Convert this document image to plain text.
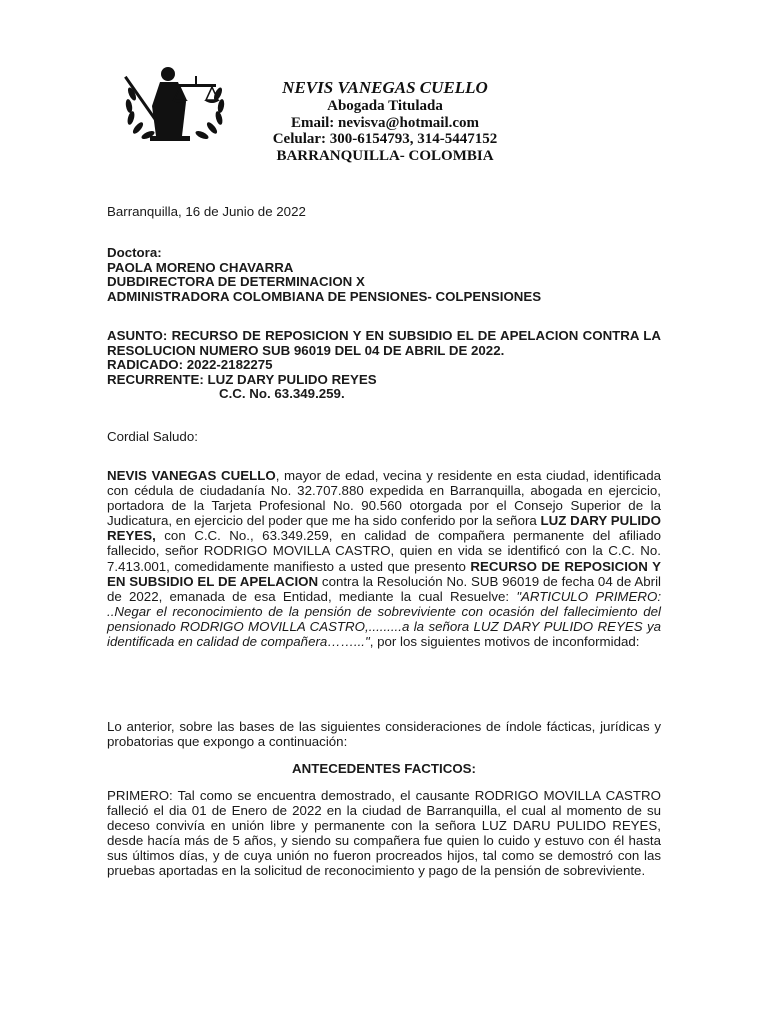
NEVIS VANEGAS CUELLO
Abogada Titulada
Email: nevisva@hotmail.com
Celular: 300-6154793, 314-5447152
BARRANQUILLA- COLOMBIA
Barranquilla, 16 de Junio de 2022
Doctora:
PAOLA MORENO CHAVARRA
DUBDIRECTORA DE DETERMINACION X
ADMINISTRADORA COLOMBIANA DE PENSIONES- COLPENSIONES
ASUNTO: RECURSO DE REPOSICION Y EN SUBSIDIO EL DE APELACION CONTRA LA RESOLUCION NUMERO SUB 96019 DEL 04 DE ABRIL DE 2022.
RADICADO: 2022-2182275
RECURRENTE: LUZ DARY PULIDO REYES
C.C. No. 63.349.259.
Cordial Saludo:
NEVIS VANEGAS CUELLO, mayor de edad, vecina y residente en esta ciudad, identificada con cédula de ciudadanía No. 32.707.880 expedida en Barranquilla, abogada en ejercicio, portadora de la Tarjeta Profesional No. 90.560 otorgada por el Consejo Superior de la Judicatura, en ejercicio del poder que me ha sido conferido por la señora LUZ DARY PULIDO REYES, con C.C. No., 63.349.259, en calidad de compañera permanente del afiliado fallecido, señor RODRIGO MOVILLA CASTRO, quien en vida se identificó con la C.C. No. 7.413.001, comedidamente manifiesto a usted que presento RECURSO DE REPOSICION Y EN SUBSIDIO EL DE APELACION contra la Resolución No. SUB 96019 de fecha 04 de Abril de 2022, emanada de esa Entidad, mediante la cual Resuelve: "ARTICULO PRIMERO: ..Negar el reconocimiento de la pensión de sobreviviente con ocasión del fallecimiento del pensionado RODRIGO MOVILLA CASTRO,.........a la señora LUZ DARY PULIDO REYES ya identificada en calidad de compañera……...", por los siguientes motivos de inconformidad:
Lo anterior, sobre las bases de las siguientes consideraciones de índole fácticas, jurídicas y probatorias que expongo a continuación:
ANTECEDENTES FACTICOS:
PRIMERO: Tal como se encuentra demostrado, el causante RODRIGO MOVILLA CASTRO falleció el dia 01 de Enero de 2022 en la ciudad de Barranquilla, el cual al momento de su deceso convivía en unión libre y permanente con la señora LUZ DARU PULIDO REYES, desde hacía más de 5 años, y siendo su compañera fue quien lo cuido y estuvo con él hasta sus últimos días, y de cuya unión no fueron procreados hijos, tal como se demostró con las pruebas aportadas en la solicitud de reconocimiento y pago de la pensión de sobreviviente.
